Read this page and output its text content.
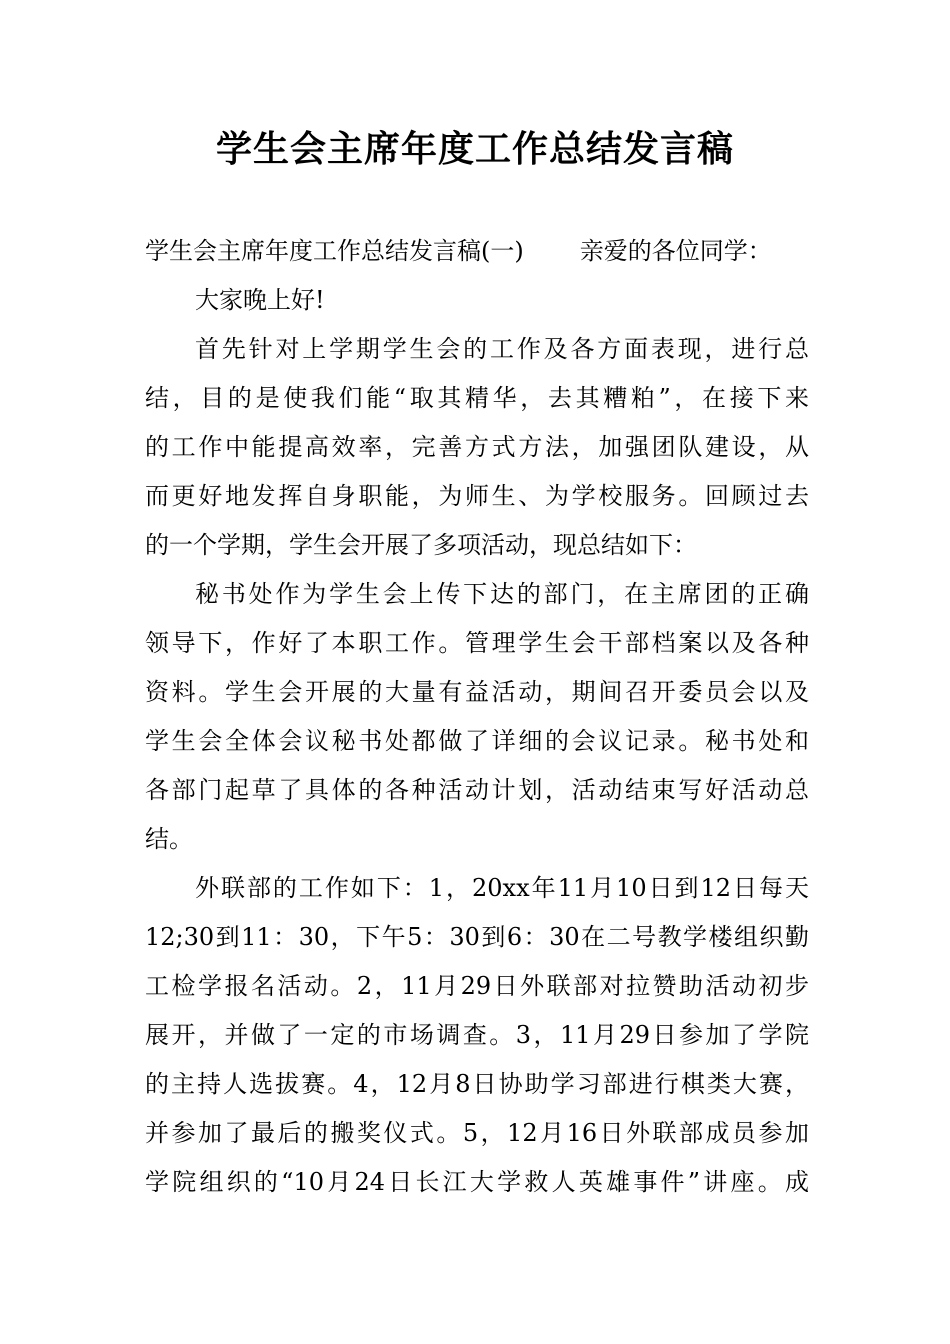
学生会主席年度工作总结发言稿
学生会主席年度工作总结发言稿(一) 亲爱的各位同学：
大家晚上好!
首先针对上学期学生会的工作及各方面表现，进行总
结，目的是使我们能“取其精华，去其糟粕”，在接下来
的工作中能提高效率，完善方式方法，加强团队建设，从
而更好地发挥自身职能，为师生、为学校服务。回顾过去
的一个学期，学生会开展了多项活动，现总结如下：
秘书处作为学生会上传下达的部门，在主席团的正确
领导下，作好了本职工作。管理学生会干部档案以及各种
资料。学生会开展的大量有益活动，期间召开委员会以及
学生会全体会议秘书处都做了详细的会议记录。秘书处和
各部门起草了具体的各种活动计划，活动结束写好活动总
结。
外联部的工作如下：1，20xx年11月10日到12日每天
12;30到11：30，下午5：30到6：30在二号教学楼组织勤
工检学报名活动。2，11月29日外联部对拉赞助活动初步
展开，并做了一定的市场调查。3，11月29日参加了学院
的主持人选拔赛。4，12月8日协助学习部进行棋类大赛，
并参加了最后的搬奖仪式。5，12月16日外联部成员参加
学院组织的“10月24日长江大学救人英雄事件”讲座。成
